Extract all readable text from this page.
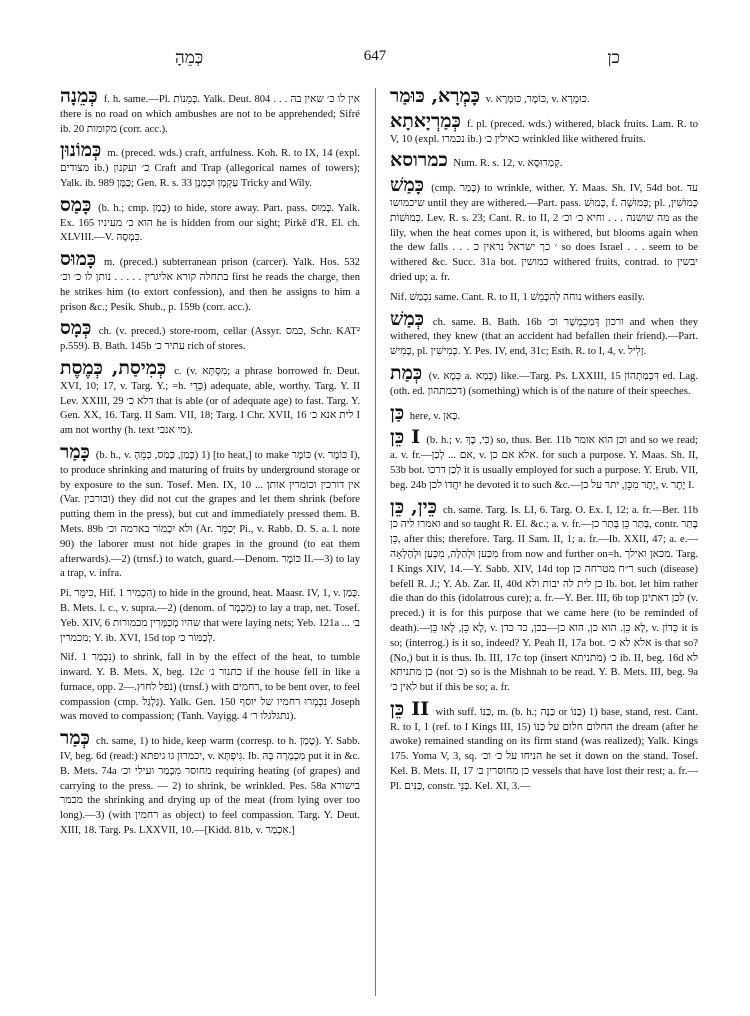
כְּמֵהָ	647	כן

כְּמֵנָה f. h. same.—Pl. כְּמֵנוֹת. Yalk. Deut. 804 . . . אין לו כ׳ שאין בה there is no road on which ambushes are not to be apprehended; Sifré ib. 20 מקומות (corr. acc.).

כְּמוֹנוּן m. (preced. wds.) craft, artfulness. Koh. R. to IX, 14 (expl. מצודים ib.) כ׳ ועקנון Craft and Trap (allegorical names of towers); Yalk. ib. 989 כַּמָּן; Gen. R. s. 33 עַקְמָן וּכְמָנָן Tricky and Wily.

כָּמַס (b. h.; cmp. כָּמַן) to hide, store away. Part. pass. כָּמוּס. Yalk. Ex. 165 הוא כ׳ מעיניו he is hidden from our sight; Pirkê d'R. El. ch. XLVIII.—V. כִּמְסָה.

כָּמוּס m. (preced.) subterranean prison (carcer). Yalk. Hos. 532 בתחלה קורא אליגרין . . . . . נותן לו כ׳ וכ׳ first he reads the charge, then he strikes him (to extort confession), and then he assigns to him a prison &c.; Pesik. Shub., p. 159b (corr. acc.).

כְּמָס ch. (v. preced.) store-room, cellar (Assyr. כמס, Schr. KAT² p.559). B. Bath. 145b עתיר כ׳ rich of stores.

כְּמִיסַת, כְּמֶסֶת c. (v. מִסְתָּא; a phrase borrowed fr. Deut. XVI, 10; 17, v. Targ. Y.; =h. כְּדֵי) adequate, able, worthy. Targ. Y. II Lev. XXIII, 29 דלא כ׳ that is able (or of adequate age) to fast. Targ. Y. Gen. XX, 16. Targ. II Sam. VII, 18; Targ. I Chr. XVII, 16 לית אנא כ׳ I am not worthy (h. text מי אנכי).

כָּמַר (b. h., v. כָּמַן, כָּמַס, כְּמֵהָ) 1) [to heat,] to make כּוֹמֶר (v. כּוֹמֶר I), to produce shrinking and maturing of fruits by underground storage or by exposure to the sun. Tosef. Men. IX, 10 ... אין דורכין וכומרין אותן (Var. ובורכין) they did not cut the grapes and let them shrink (before putting them in the press), but cut and immediately pressed them. B. Mets. 89b ולא יִכְמוֹר בארמה וכ׳ (Ar. יְכַמֵּר Pi., v. Rabb. D. S. a. l. note 90) the laborer must not hide grapes in the ground (to eat them afterwards).—2) (trnsf.) to watch, guard.—Denom. כּוֹמֶר II.—3) to lay a trap, v. infra.

Pi. כִּימֵּר, Hif. הִכְמִיר 1) to hide in the ground, heat. Maasr. IV, 1, v. כָּמַן. B. Mets. l. c., v. supra.—2) (denom. of מִכְמָר) to lay a trap, net. Tosef. Yeb. XIV, 6 שהיו מְכַמְּרִין מכמורות that were laying nets; Yeb. 121a ... ב׳ מכמרין; Y. ib. XVI, 15d top לְכַמּוֹר כ׳.

Nif. נִכְמַר 1) to shrink, fall in by the effect of the heat, to tumble inward. Y. B. Mets. X, beg. 12c כתנור נ׳ if the house fell in like a furnace, opp. נפל לחוץ.—2) (trnsf.) with רחמים, to be bent over, to feel compassion (cmp. גַּלְגַּל). Yalk. Gen. 150 נִכְמְרוּ רחמיו של יוסף Joseph was moved to compassion; (Tanh. Vayigg. 4 נתגלגלו ר׳).

כְּמַר ch. same, 1) to hide, keep warm (corresp. to h. טָמַן). Y. Sabb. IV, beg. 6d (read:) יכמרוּן גו גיפתא, v. גִּיפְתָּא. Ib. מִכְמְרָה בָּהּ put it in &c. B. Mets. 74a מחוסר מִכְמַר ועילי וכ׳ requiring heating (of grapes) and carrying to the press. — 2) to shrink, be wrinkled. Pes. 58a בישורא מכמר the shrinking and drying up of the meat (from lying over too long).—3) (with רחמין as object) to feel compassion. Targ. Y. Deut. XIII, 18. Targ. Ps. LXXVII, 10.—[Kidd. 81b, v. אִכְמַר.]

כָּמְרָא, כּוּמַר v. כּוֹמֶר, כּוּמְרָא, v. כּוּמְרָא.

כְּמַרְיָאתָא f. pl. (preced. wds.) withered, black fruits. Lam. R. to V, 10 (expl. נכמרו ib.) כאילין כ׳ wrinkled like withered fruits.

כמרוסא Num. R. s. 12, v. קְמַרוּסָא.

כָּמַשׁ (cmp. כָּמַר) to wrinkle, wither. Y. Maas. Sh. IV, 54d bot. עד שיכמושו until they are withered.—Part. pass. כָּמוּשׁ, f. כְּמוּשָׁה; pl. כְּמוּשִׁין, כְּמוּשׁוֹת. Lev. R. s. 23; Cant. R. to II, 2 מה שושנה . . . וחיא כ׳ וכ׳ as the lily, when the heat comes upon it, is withered, but blooms again when the dew falls . . . ׳ כך ישראל נראין כ so does Israel . . . seem to be withered &c. Succ. 31a bot. כמושין withered fruits, contrad. to יבשין dried up; a. fr.

Nif. נִכְמַשׁ same. Cant. R. to II, 1 נוחה לְהִכָּמֵשׁ withers easily.

כְּמַשׁ ch. same. B. Bath. 16b ורכון דְּמַכְמְשָׁר וכ׳ and when they withered, they knew (that an accident had befallen their friend).—Part. כָּמִישׁ, pl. כְּמִישִׁין. Y. Pes. IV, end, 31c; Esth. R. to I, 4, v. זָלִיל.

כְּמַת (v. כְּמָא a. כְּמָא) like.—Targ. Ps. LXXIII, 15 דִּכְמַתְהוֹן ed. Lag. (oth. ed. דכמתהון) (something) which is of the nature of their speeches.

כַּן here, v. כָּאן.

כֵּן I (b. h.; v. כִּי, כָּךְ) so, thus. Ber. 11b וכן הוא אומר and so we read; a. v. fr.—אם ... לְכַן, v. אלא אם כן. for such a purpose. Y. Maas. Sh. II, 53b bot. לְכַן דרכו it is usually employed for such a purpose. Y. Erub. VII, beg. 24b יִחֲדוֹ לכן he devoted it to such &c.—יֶתֶר מִכֵּן, יתר על כן, v. יֶתֶר I.

כֵּין, כֵּן ch. same. Targ. Is. LI, 6. Targ. O. Ex. I, 12; a. fr.—Ber. 11b ואמרו ליה כן and so taught R. El. &c.; a. v. fr.—בָּתַר כֵּן בָּתַר כן, contr. בָּתַר כֵּן, after this; therefore. Targ. II Sam. II, 1; a. fr.—Ib. XXII, 47; a. e.—מִכַּען וּלְהַלָּה, מִכְּעַן וּלְהָלְאָה from now and further on=h. מכאן ואילך. Targ. I Kings XIV, 14.—Y. Sabb. XIV, 14d top ר״ח מטרחה כן such (disease) befell R. J.; Y. Ab. Zar. II, 40d כן לית לה יבות ולא Ib. bot. let him rather die than do this (idolatrous cure); a. fr.—Y. Ber. III, 6b top לכן דאתינן (v. preced.) it is for this purpose that we came here (to be reminded of death).—לָא כֵּן, לָאו כֵּן, v. לָא כֵּן. הוא כן, הוא כן—בכן, כד כדן, v. כְּדוֹן it is so; (interrog.) is it so, indeed? Y. Peah II, 17a bot. אלא לא כ׳ is that so? (No,) but it is thus. Ib. III, 17c top (insert מתניתא) כ׳ ib. II, beg. 16d לא כן מתניתא (not כ׳) so is the Mishnah to be read. Y. B. Mets. III, beg. 9a לאין כ׳ but if this be so; a. fr.

כֵּן II with suff. כַּנּוֹ, m. (b. h.; כַּנָּה or כַּנּוֹ) 1) base, stand, rest. Cant. R. to I, 1 (ref. to I Kings III, 15) החלום חלום על כַּנּוֹ the dream (after he awoke) remained standing on its firm stand (was realized); Yalk. Kings 175. Yoma V, 3, sq. הניחו על כ׳ וכ׳ he set it down on the stand. Tosef. Kel. B. Mets. II, 17 כן מחוסרין כ׳ vessels that have lost their rest; a. fr.—Pl. כַּנִּים, constr. כַּנֵּי. Kel. XI, 3.—
